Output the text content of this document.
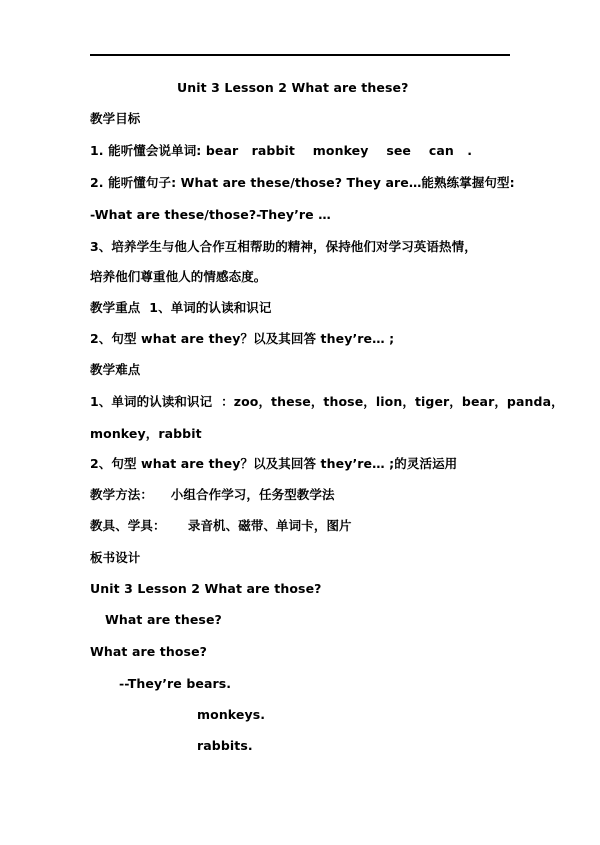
Unit 3 Lesson 2 What are these?
教学目标
1. 能听懂会说单词: bear   rabbit    monkey    see    can   .
2. 能听懂句子: What are these/those? They are…能熟练掌握句型:
-What are these/those?-They’re …
3、培养学生与他人合作互相帮助的精神，保持他们对学习英语热情，
培养他们尊重他人的情感态度。
教学重点  1、单词的认读和识记
2、句型 what are they？以及其回答 they’re… ;
教学难点
1、单词的认读和识记  ：zoo，these，those，lion，tiger，bear，panda，
monkey，rabbit
2、句型 what are they？以及其回答 they’re… ;的灵活运用
教学方法：    小组合作学习，任务型教学法
教具、学具：     录音机、磁带、单词卡，图片
板书设计
Unit 3 Lesson 2 What are those?
What are these?
What are those?
--They’re bears.
monkeys.
rabbits.
